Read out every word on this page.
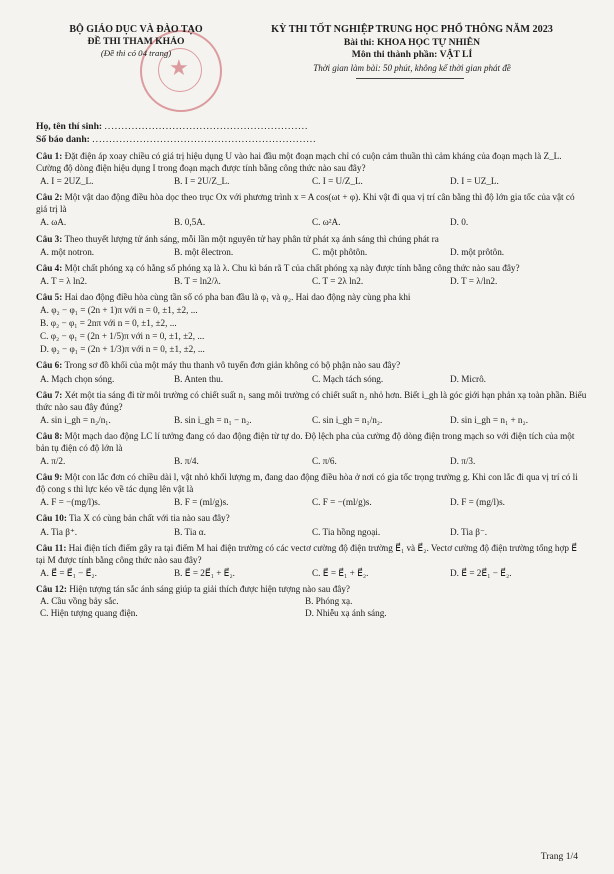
★
BỘ GIÁO DỤC VÀ ĐÀO TẠO
ĐỀ THI THAM KHẢO
(Đề thi có 04 trang)
KỲ THI TỐT NGHIỆP TRUNG HỌC PHỔ THÔNG NĂM 2023
Bài thi: KHOA HỌC TỰ NHIÊN
Môn thi thành phần: VẬT LÍ
Thời gian làm bài: 50 phút, không kể thời gian phát đề
Họ, tên thí sinh: ............................................................
Số báo danh: ..................................................................

Câu 1: Đặt điện áp xoay chiều có giá trị hiệu dụng U vào hai đầu một đoạn mạch chỉ có cuộn cảm thuần thì cảm kháng của đoạn mạch là Z_L. Cường độ dòng điện hiệu dụng I trong đoạn mạch được tính bằng công thức nào sau đây?

A. I = 2UZ_L.	B. I = 2U/Z_L.	C. I = U/Z_L.	D. I = UZ_L.

Câu 2: Một vật dao động điều hòa dọc theo trục Ox với phương trình x = A cos(ωt + φ). Khi vật đi qua vị trí cân bằng thì độ lớn gia tốc của vật có giá trị là

A. ωA.	B. 0,5A.	C. ω²A.	D. 0.

Câu 3: Theo thuyết lượng tử ánh sáng, mỗi lần một nguyên tử hay phân tử phát xạ ánh sáng thì chúng phát ra

A. một notron.	B. một êlectron.	C. một phôtôn.	D. một prôtôn.

Câu 4: Một chất phóng xạ có hằng số phóng xạ là λ. Chu kì bán rã T của chất phóng xạ này được tính bằng công thức nào sau đây?

A. T = λ ln2.	B. T = ln2/λ.	C. T = 2λ ln2.	D. T = λ/ln2.

Câu 5: Hai dao động điều hòa cùng tần số có pha ban đầu là φ₁ và φ₂. Hai dao động này cùng pha khi

A. φ₂ − φ₁ = (2n + 1)π với n = 0, ±1, ±2, ...
B. φ₂ − φ₁ = 2nπ với n = 0, ±1, ±2, ...
C. φ₂ − φ₁ = (2n + 1/5)π với n = 0, ±1, ±2, ...
D. φ₂ − φ₁ = (2n + 1/3)π với n = 0, ±1, ±2, ...

Câu 6: Trong sơ đồ khối của một máy thu thanh vô tuyến đơn giản không có bộ phận nào sau đây?

A. Mạch chọn sóng.	B. Anten thu.	C. Mạch tách sóng.	D. Micrô.

Câu 7: Xét một tia sáng đi từ môi trường có chiết suất n₁ sang môi trường có chiết suất n₂ nhỏ hơn. Biết i_gh là góc giới hạn phản xạ toàn phần. Biểu thức nào sau đây đúng?

A. sin i_gh = n₂/n₁.	B. sin i_gh = n₁ − n₂.	C. sin i_gh = n₁/n₂.	D. sin i_gh = n₁ + n₂.

Câu 8: Một mạch dao động LC lí tưởng đang có dao động điện từ tự do. Độ lệch pha của cường độ dòng điện trong mạch so với điện tích của một bản tụ điện có độ lớn là

A. π/2.	B. π/4.	C. π/6.	D. π/3.

Câu 9: Một con lắc đơn có chiều dài l, vật nhỏ khối lượng m, đang dao động điều hòa ở nơi có gia tốc trọng trường g. Khi con lắc đi qua vị trí có li độ cong s thì lực kéo về tác dụng lên vật là

A. F = −(mg/l)s.	B. F = (ml/g)s.	C. F = −(ml/g)s.	D. F = (mg/l)s.

Câu 10: Tia X có cùng bản chất với tia nào sau đây?

A. Tia β⁺.	B. Tia α.	C. Tia hồng ngoại.	D. Tia β⁻.

Câu 11: Hai điện tích điểm gây ra tại điểm M hai điện trường có các vectơ cường độ điện trường E⃗₁ và E⃗₂. Vectơ cường độ điện trường tổng hợp E⃗ tại M được tính bằng công thức nào sau đây?

A. E⃗ = E⃗₁ − E⃗₂.	B. E⃗ = 2E⃗₁ + E⃗₂.	C. E⃗ = E⃗₁ + E⃗₂.	D. E⃗ = 2E⃗₁ − E⃗₂.

Câu 12: Hiện tượng tán sắc ánh sáng giúp ta giải thích được hiện tượng nào sau đây?

A. Cầu vồng bảy sắc.	B. Phóng xạ.
C. Hiện tượng quang điện.	D. Nhiễu xạ ánh sáng.
Trang 1/4
